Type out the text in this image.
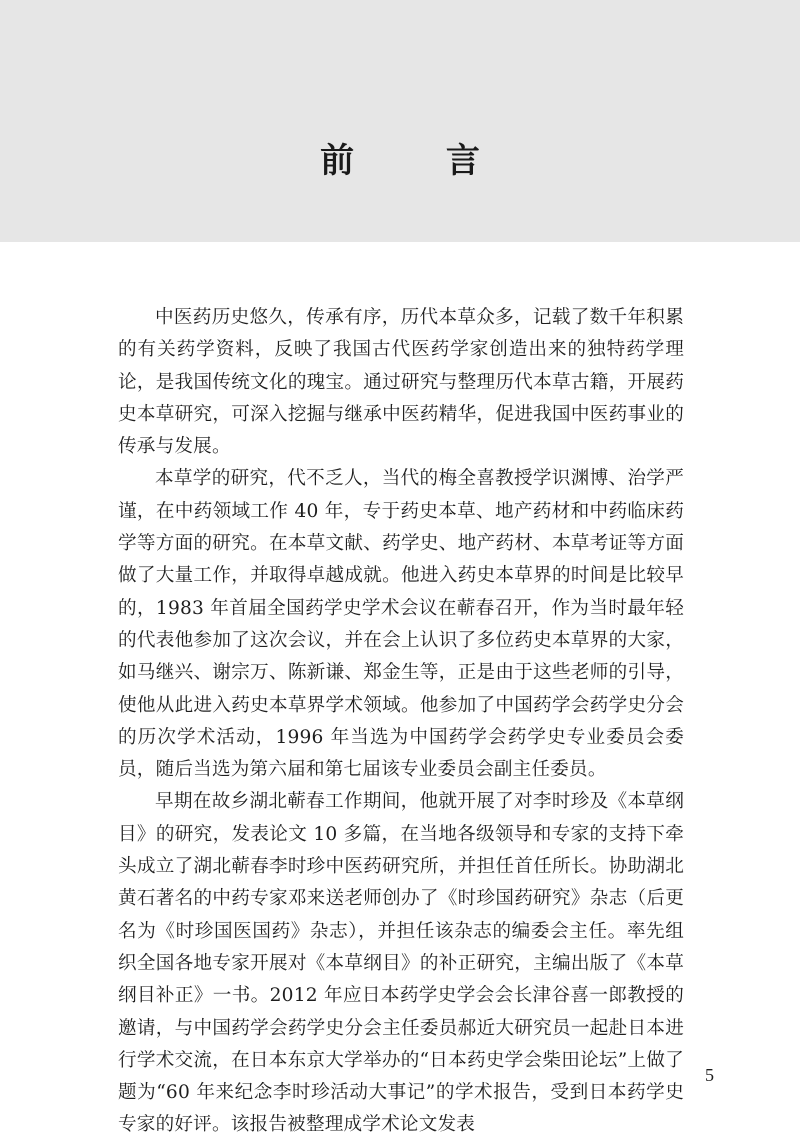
前 言

中医药历史悠久，传承有序，历代本草众多，记载了数千年积累的有关药学资料，反映了我国古代医药学家创造出来的独特药学理论，是我国传统文化的瑰宝。通过研究与整理历代本草古籍，开展药史本草研究，可深入挖掘与继承中医药精华，促进我国中医药事业的传承与发展。

本草学的研究，代不乏人，当代的梅全喜教授学识渊博、治学严谨，在中药领域工作 40 年，专于药史本草、地产药材和中药临床药学等方面的研究。在本草文献、药学史、地产药材、本草考证等方面做了大量工作，并取得卓越成就。他进入药史本草界的时间是比较早的，1983 年首届全国药学史学术会议在蕲春召开，作为当时最年轻的代表他参加了这次会议，并在会上认识了多位药史本草界的大家，如马继兴、谢宗万、陈新谦、郑金生等，正是由于这些老师的引导，使他从此进入药史本草界学术领域。他参加了中国药学会药学史分会的历次学术活动，1996 年当选为中国药学会药学史专业委员会委员，随后当选为第六届和第七届该专业委员会副主任委员。

早期在故乡湖北蕲春工作期间，他就开展了对李时珍及《本草纲目》的研究，发表论文 10 多篇，在当地各级领导和专家的支持下牵头成立了湖北蕲春李时珍中医药研究所，并担任首任所长。协助湖北黄石著名的中药专家邓来送老师创办了《时珍国药研究》杂志（后更名为《时珍国医国药》杂志），并担任该杂志的编委会主任。率先组织全国各地专家开展对《本草纲目》的补正研究，主编出版了《本草纲目补正》一书。2012 年应日本药学史学会会长津谷喜一郎教授的邀请，与中国药学会药学史分会主任委员郝近大研究员一起赴日本进行学术交流，在日本东京大学举办的“日本药史学会柴田论坛”上做了题为“60 年来纪念李时珍活动大事记”的学术报告，受到日本药学史专家的好评。该报告被整理成学术论文发表

5
